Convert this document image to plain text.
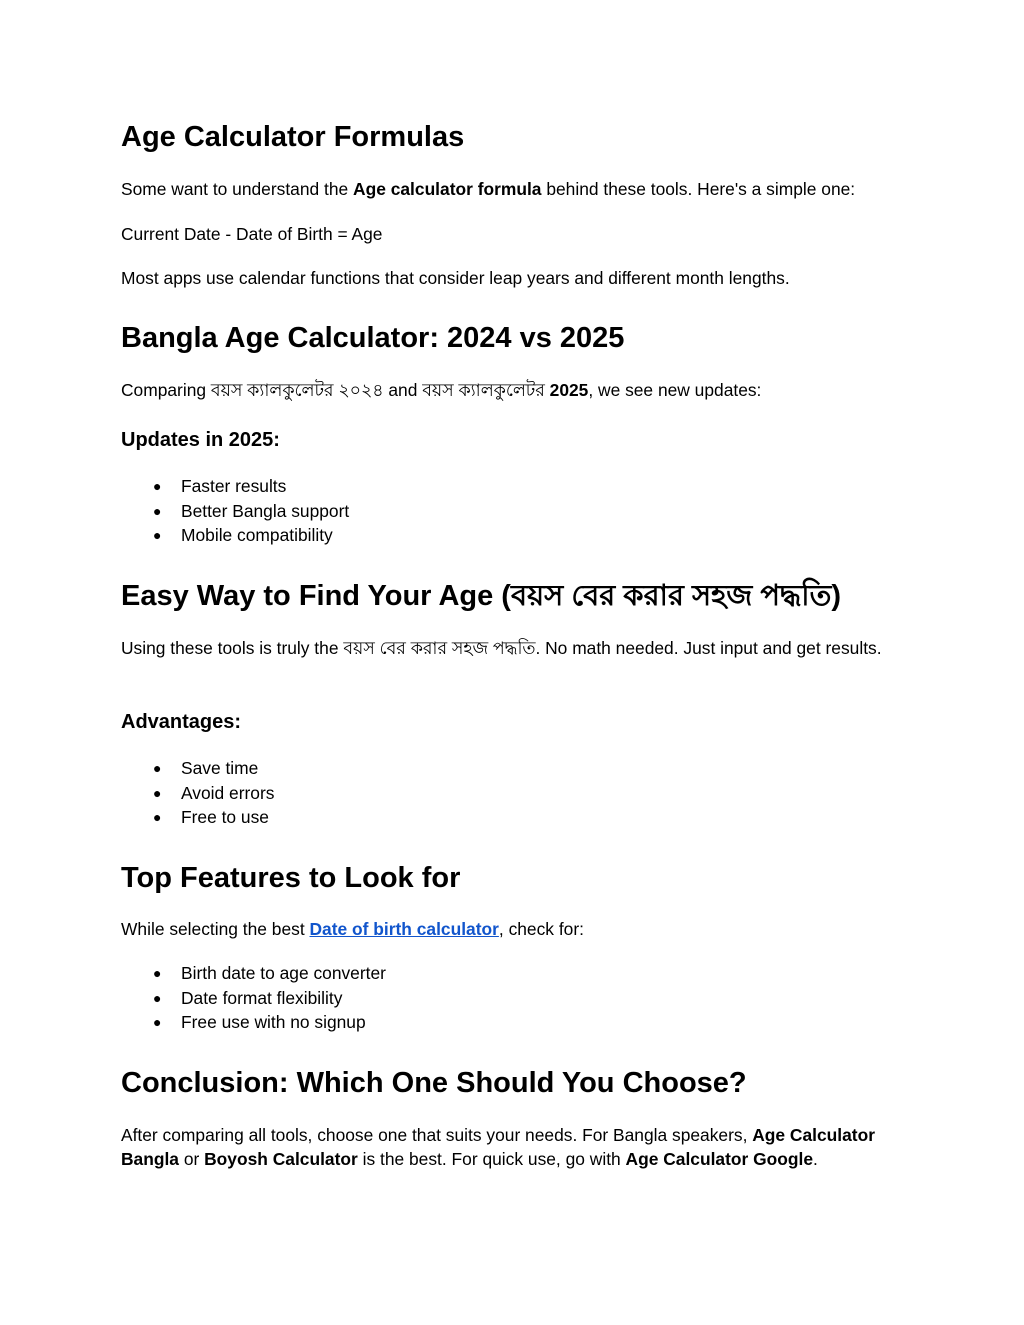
Age Calculator Formulas

Some want to understand the Age calculator formula behind these tools. Here's a simple one:

Current Date - Date of Birth = Age

Most apps use calendar functions that consider leap years and different month lengths.

Bangla Age Calculator: 2024 vs 2025

Comparing বয়স ক্যালকুলেটর ২০২৪ and বয়স ক্যালকুলেটর 2025, we see new updates:

Updates in 2025:
● Faster results
● Better Bangla support
● Mobile compatibility
Easy Way to Find Your Age (বয়স বের করার সহজ পদ্ধতি)

Using these tools is truly the বয়স বের করার সহজ পদ্ধতি. No math needed. Just input and get results.

Advantages:
● Save time
● Avoid errors
● Free to use
Top Features to Look for

While selecting the best Date of birth calculator, check for:

● Birth date to age converter
● Date format flexibility
● Free use with no signup
Conclusion: Which One Should You Choose?

After comparing all tools, choose one that suits your needs. For Bangla speakers, Age Calculator Bangla or Boyosh Calculator is the best. For quick use, go with Age Calculator Google.
